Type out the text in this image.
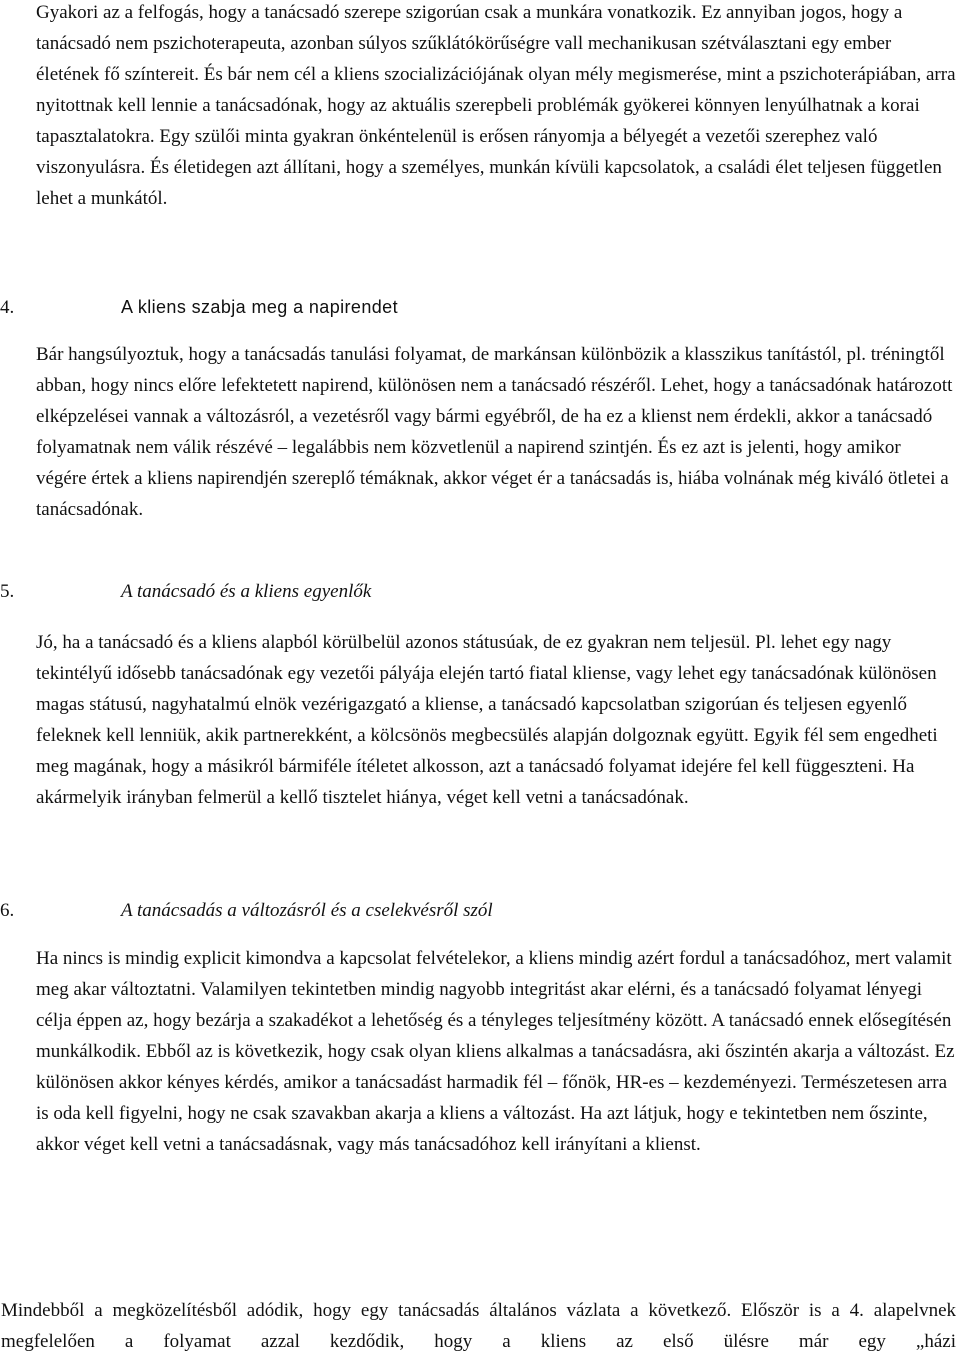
Gyakori az a felfogás, hogy a tanácsadó szerepe szigorúan csak a munkára vonatkozik. Ez annyiban jogos, hogy a tanácsadó nem pszichoterapeuta, azonban súlyos szűklátókörűségre vall mechanikusan szétválasztani egy ember életének fő színtereit. És bár nem cél a kliens szocializációjának olyan mély megismerése, mint a pszichoterápiában, arra nyitottnak kell lennie a tanácsadónak, hogy az aktuális szerepbeli problémák gyökerei könnyen lenyúlhatnak a korai tapasztalatokra. Egy szülői minta gyakran önkéntelenül is erősen rányomja a bélyegét a vezetői szerephez való viszonyulásra. És életidegen azt állítani, hogy a személyes, munkán kívüli kapcsolatok, a családi élet teljesen független lehet a munkától.

4.	A kliens szabja meg a napirendet

Bár hangsúlyoztuk, hogy a tanácsadás tanulási folyamat, de markánsan különbözik a klasszikus tanítástól, pl. tréningtől abban, hogy nincs előre lefektetett napirend, különösen nem a tanácsadó részéről. Lehet, hogy a tanácsadónak határozott elképzelései vannak a változásról, a vezetésről vagy bármi egyébről, de ha ez a klienst nem érdekli, akkor a tanácsadó folyamatnak nem válik részévé – legalábbis nem közvetlenül a napirend szintjén. És ez azt is jelenti, hogy amikor végére értek a kliens napirendjén szereplő témáknak, akkor véget ér a tanácsadás is, hiába volnának még kiváló ötletei a tanácsadónak.

5.	A tanácsadó és a kliens egyenlők

Jó, ha a tanácsadó és a kliens alapból körülbelül azonos státusúak, de ez gyakran nem teljesül. Pl. lehet egy nagy tekintélyű idősebb tanácsadónak egy vezetői pályája elején tartó fiatal kliense, vagy lehet egy tanácsadónak különösen magas státusú, nagyhatalmú elnök vezérigazgató a kliense, a tanácsadó kapcsolatban szigorúan és teljesen egyenlő feleknek kell lenniük, akik partnerekként, a kölcsönös megbecsülés alapján dolgoznak együtt. Egyik fél sem engedheti meg magának, hogy a másikról bármiféle ítéletet alkosson, azt a tanácsadó folyamat idejére fel kell függeszteni. Ha akármelyik irányban felmerül a kellő tisztelet hiánya, véget kell vetni a tanácsadónak.

6.	A tanácsadás a változásról és a cselekvésről szól

Ha nincs is mindig explicit kimondva a kapcsolat felvételekor, a kliens mindig azért fordul a tanácsadóhoz, mert valamit meg akar változtatni. Valamilyen tekintetben mindig nagyobb integritást akar elérni, és a tanácsadó folyamat lényegi célja éppen az, hogy bezárja a szakadékot a lehetőség és a tényleges teljesítmény között. A tanácsadó ennek elősegítésén munkálkodik. Ebből az is következik, hogy csak olyan kliens alkalmas a tanácsadásra, aki őszintén akarja a változást. Ez különösen akkor kényes kérdés, amikor a tanácsadást harmadik fél – főnök, HR-es – kezdeményezi. Természetesen arra is oda kell figyelni, hogy ne csak szavakban akarja a kliens a változást. Ha azt látjuk, hogy e tekintetben nem őszinte, akkor véget kell vetni a tanácsadásnak, vagy más tanácsadóhoz kell irányítani a klienst.

Mindebből a megközelítésből adódik, hogy egy tanácsadás általános vázlata a következő. Először is a 4. alapelvnek megfelelően a folyamat azzal kezdődik, hogy a kliens az első ülésre már egy „házi
